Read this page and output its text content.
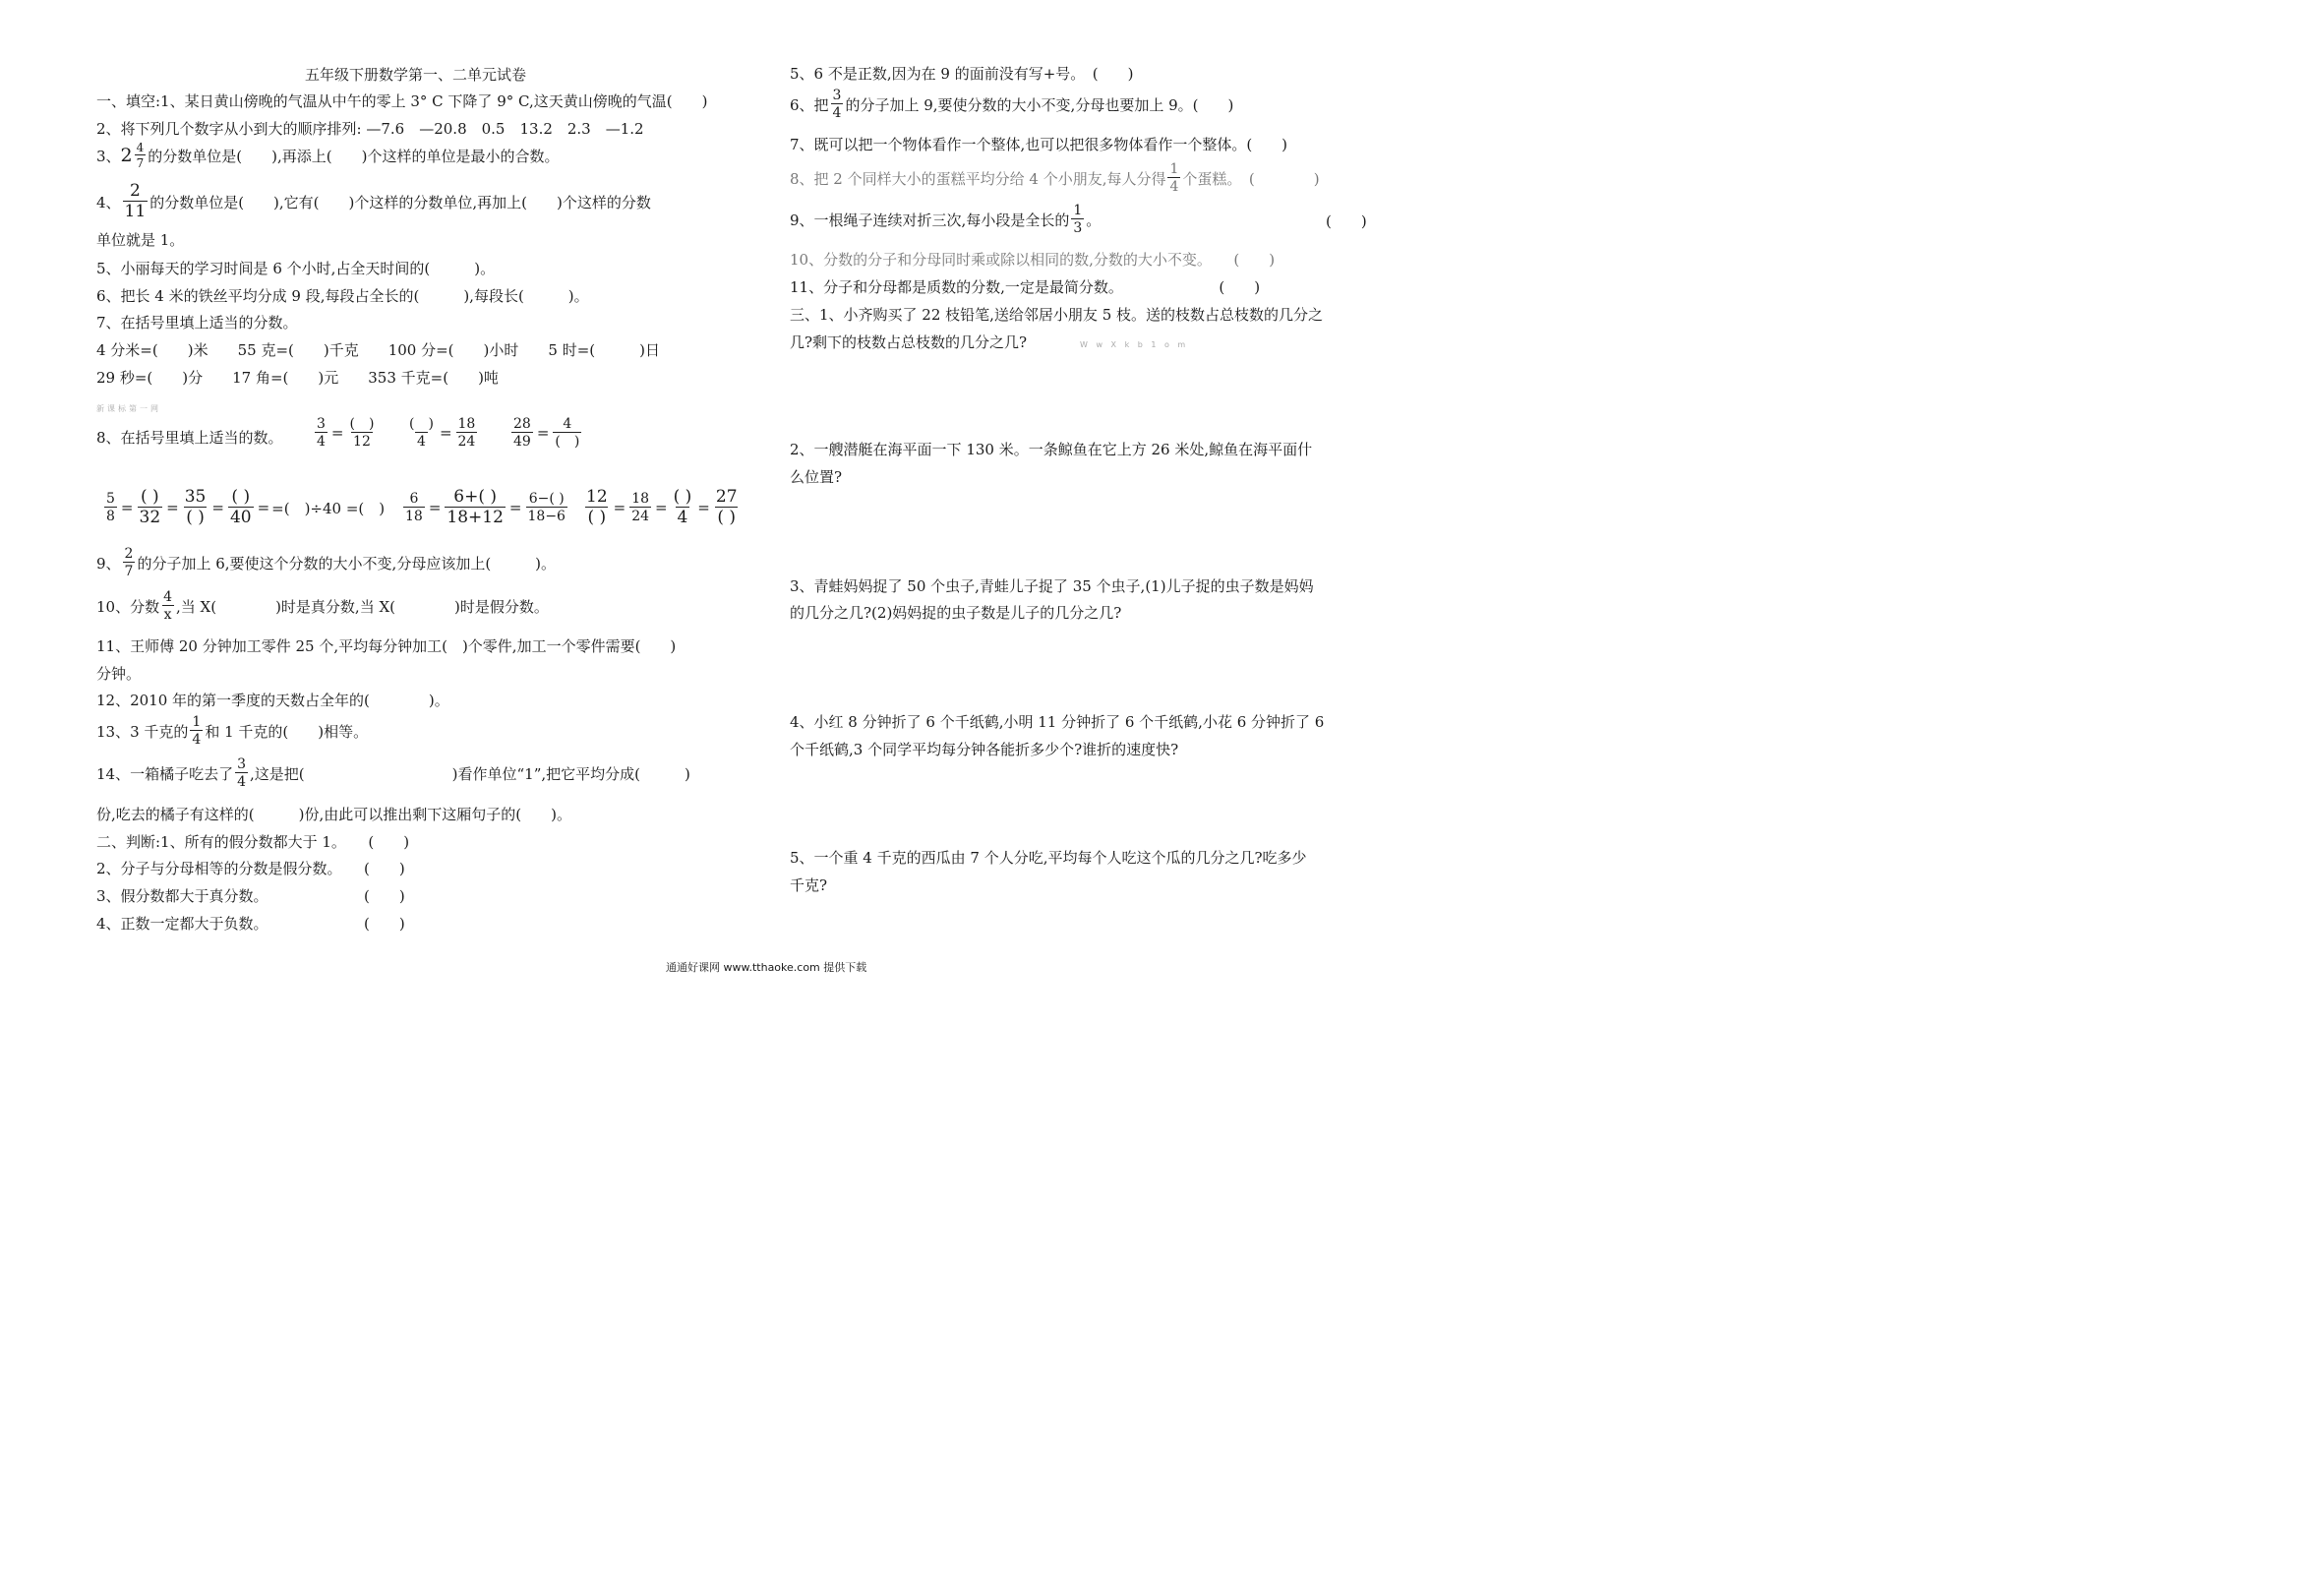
五年级下册数学第一、二单元试卷
一、填空:1、某日黄山傍晚的气温从中午的零上 3° C 下降了 9° C,这天黄山傍晚的气温(　　)
2、将下列几个数字从小到大的顺序排列: —7.6　—20.8　0.5　13.2　2.3　—1.2
3、 2 4
7 的分数单位是(　　),再添上(　　)个这样的单位是最小的合数。
4、
2
11 的分数单位是(　　),它有(　　)个这样的分数单位,再加上(　　)个这样的分数
单位就是 1。
5、小丽每天的学习时间是 6 个小时,占全天时间的(　　　)。
6、把长 4 米的铁丝平均分成 9 段,每段占全长的(　　　),每段长(　　　)。
7、在括号里填上适当的分数。
4 分米=(　　)米　　55 克=(　　)千克　　100 分=(　　)小时　　5 时=(　　　)日
29 秒=(　　)分　　17 角=(　　)元　　353 千克=(　　)吨
新课标第一网
8、在括号里填上适当的数。 $\frac{3}{4}$ = (　)
12
(　)
$4 = \frac{18}{24} \frac{28}{49} = 4$
(　)
$\frac{5}{8}$ =
( )
32 =
35
( ) =
( )
40 = =(　)÷40 =(　) $\frac{6}{18} = \frac{6+( )}{18+12} = \frac{6-( )}{18-6} 12$
( ) = $\frac{18}{24}$ =
( )
4 =
27
( )
9、
2
7 的分子加上 6,要使这个分数的大小不变,分母应该加上(　　　)。
10、分数
4
x ,当 X(　　　　)时是真分数,当 X(　　　　)时是假分数。
11、王师傅 20 分钟加工零件 25 个,平均每分钟加工(　)个零件,加工一个零件需要(　　)
分钟。
12、2010 年的第一季度的天数占全年的(　　　　)。
13、3 千克的
1
4 和 1 千克的(　　)相等。
14、一箱橘子吃去了
3
4 ,这是把(　　　　　　　　　　)看作单位“1”,把它平均分成(　　　)
份,吃去的橘子有这样的(　　　)份,由此可以推出剩下这厢句子的(　　)。
二、判断:1、所有的假分数都大于 1。　　(　　)
2、分子与分母相等的分数是假分数。　　(　　)
3、假分数都大于真分数。　　　　　　　(　　)
4、正数一定都大于负数。　　　　　　　(　　)
5、6 不是正数,因为在 9 的面前没有写+号。　(　　)
6、把
3
4 的分子加上 9,要使分数的大小不变,分母也要加上 9。(　　)
7、既可以把一个物体看作一个整体,也可以把很多物体看作一个整体。(　　)
8、把 2 个同样大小的蛋糕平均分给 4 个小朋友,每人分得
1
4 个蛋糕。　(　　　　)
9、一根绳子连续对折三次,每小段是全长的
1
3 。	(　　)
10、分数的分子和分母同时乘或除以相同的数,分数的大小不变。　　(　　)
11、分子和分母都是质数的分数,一定是最简分数。　　　　　　　(　　)
三、1、小齐购买了 22 枝铅笔,送给邻居小朋友 5 枝。送的枝数占总枝数的几分之
几?剩下的枝数占总枝数的几分之几?	W w X k b 1 o m
2、一艘潜艇在海平面一下 130 米。一条鲸鱼在它上方 26 米处,鲸鱼在海平面什
么位置?
3、青蛙妈妈捉了 50 个虫子,青蛙儿子捉了 35 个虫子,(1)儿子捉的虫子数是妈妈
的几分之几?(2)妈妈捉的虫子数是儿子的几分之几?
4、小红 8 分钟折了 6 个千纸鹤,小明 11 分钟折了 6 个千纸鹤,小花 6 分钟折了 6
个千纸鹤,3 个同学平均每分钟各能折多少个?谁折的速度快?
5、一个重 4 千克的西瓜由 7 个人分吃,平均每个人吃这个瓜的几分之几?吃多少
千克?
通通好课网 www.tthaoke.com 提供下载
